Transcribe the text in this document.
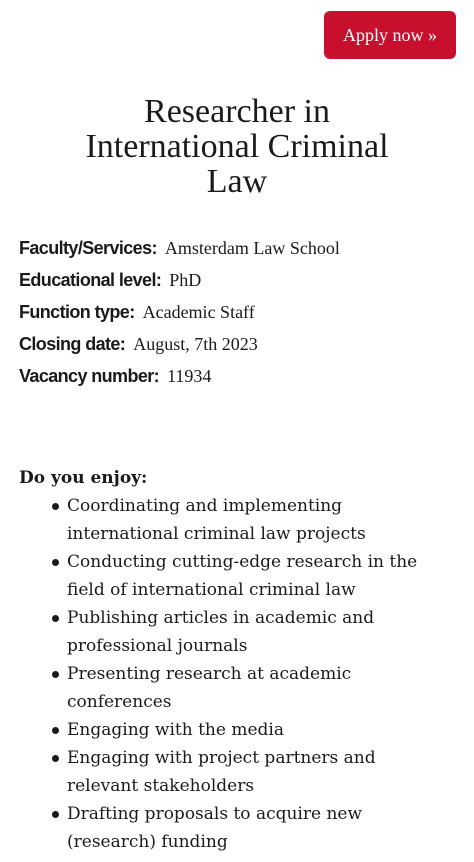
Apply now »
Researcher in
International Criminal
Law
Faculty/Services: Amsterdam Law School
Educational level: PhD
Function type: Academic Staff
Closing date: August, 7th 2023
Vacancy number: 11934
Do you enjoy:
Coordinating and implementing
international criminal law projects
Conducting cutting-edge research in the
field of international criminal law
Publishing articles in academic and
professional journals
Presenting research at academic
conferences
Engaging with the media
Engaging with project partners and
relevant stakeholders
Drafting proposals to acquire new
(research) funding
